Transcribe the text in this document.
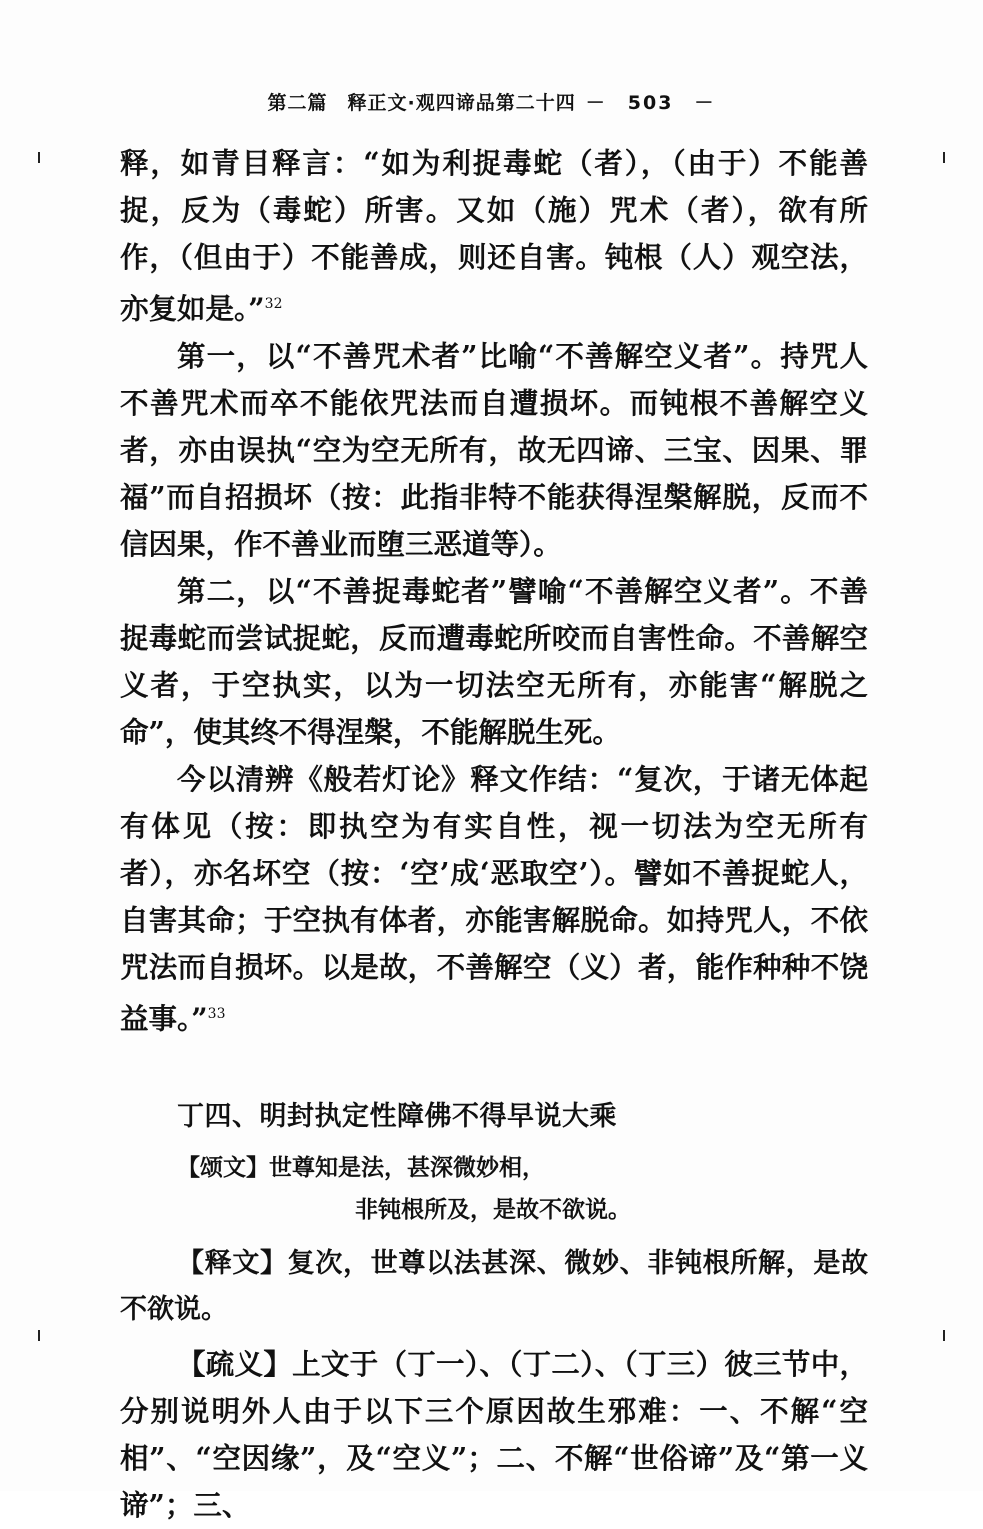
第二篇　释正文·观四谛品第二十四 －　503　－

释，如青目释言：“如为利捉毒蛇（者），（由于）不能善捉，反为（毒蛇）所害。又如（施）咒术（者），欲有所作，（但由于）不能善成，则还自害。钝根（人）观空法，亦复如是。”$^{32}$

第一，以“不善咒术者”比喻“不善解空义者”。持咒人不善咒术而卒不能依咒法而自遭损坏。而钝根不善解空义者，亦由误执“空为空无所有，故无四谛、三宝、因果、罪福”而自招损坏（按：此指非特不能获得涅槃解脱，反而不信因果，作不善业而堕三恶道等）。

第二，以“不善捉毒蛇者”譬喻“不善解空义者”。不善捉毒蛇而尝试捉蛇，反而遭毒蛇所咬而自害性命。不善解空义者，于空执实，以为一切法空无所有，亦能害“解脱之命”，使其终不得涅槃，不能解脱生死。

今以清辨《般若灯论》释文作结：“复次，于诸无体起有体见（按：即执空为有实自性，视一切法为空无所有者），亦名坏空（按：‘空’成‘恶取空’）。譬如不善捉蛇人，自害其命；于空执有体者，亦能害解脱命。如持咒人，不依咒法而自损坏。以是故，不善解空（义）者，能作种种不饶益事。”$^{33}$

丁四、明封执定性障佛不得早说大乘

【颂文】世尊知是法，甚深微妙相，

非钝根所及，是故不欲说。

【释文】复次，世尊以法甚深、微妙、非钝根所解，是故不欲说。

【疏义】上文于（丁一）、（丁二）、（丁三）彼三节中，分别说明外人由于以下三个原因故生邪难：一、不解“空相”、“空因缘”，及“空义”；二、不解“世俗谛”及“第一义谛”；三、
